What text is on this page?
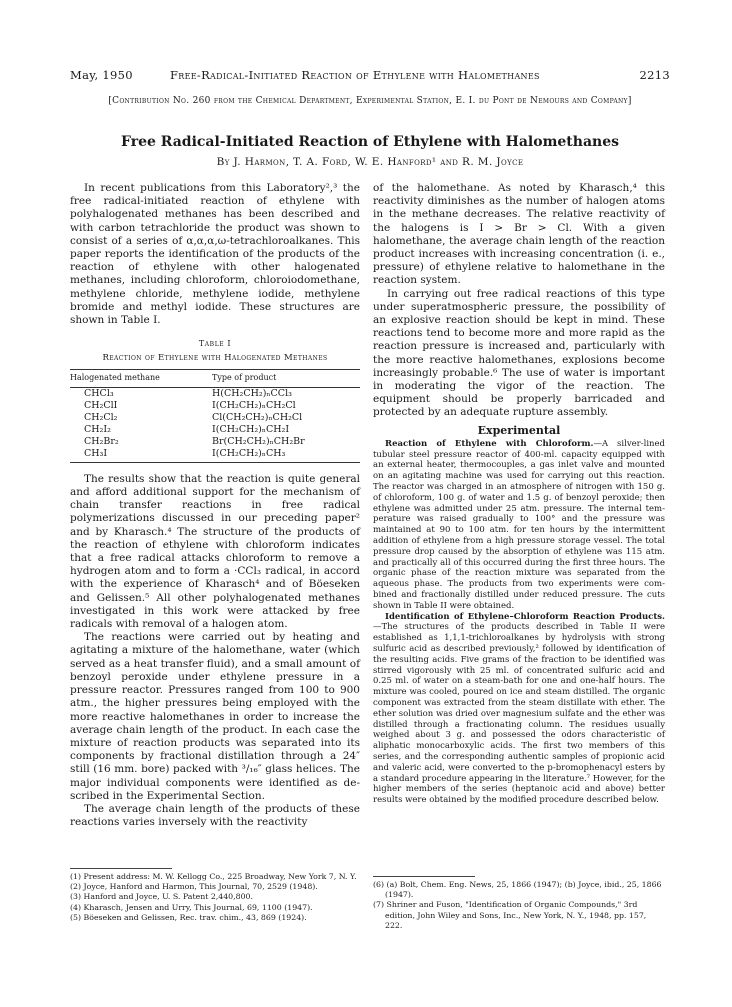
May, 1950	Free-Radical-Initiated Reaction of Ethylene with Halomethanes	2213
[Contribution No. 260 from the Chemical Department, Experimental Station, E. I. du Pont de Nemours and Company]
Free Radical-Initiated Reaction of Ethylene with Halomethanes
By J. Harmon, T. A. Ford, W. E. Hanford¹ and R. M. Joyce

In recent publications from this Laboratory²,³ the free radical-initiated reaction of ethylene with polyhalogenated methanes has been described and with carbon tetrachloride the product was shown to consist of a series of α,α,α,ω-tetrachloroalkanes. This paper reports the identification of the products of the reaction of ethylene with other halogenated methanes, including chloroform, chloroiodomethane, methylene chloride, methylene iodide, methylene bromide and methyl iodide. These structures are shown in Table I.

Table I
Reaction of Ethylene with Halogenated Methanes
Halogenated methane	Type of product
CHCl₃	H(CH₂CH₂)ₙCCl₃
CH₂ClI	I(CH₂CH₂)ₙCH₂Cl
CH₂Cl₂	Cl(CH₂CH₂)ₙCH₂Cl
CH₂I₂	I(CH₂CH₂)ₙCH₂I
CH₂Br₂	Br(CH₂CH₂)ₙCH₂Br
CH₃I	I(CH₂CH₂)ₙCH₃

The results show that the reaction is quite general and afford additional support for the mechanism of chain transfer reactions in free radical polymerizations discussed in our preceding paper² and by Kharasch.⁴ The structure of the products of the reaction of ethylene with chloroform indicates that a free radical attacks chloroform to remove a hydrogen atom and to form a ·CCl₃ radical, in accord with the experience of Kharasch⁴ and of Böeseken and Gelissen.⁵ All other polyhalogenated methanes investigated in this work were attacked by free radicals with removal of a halogen atom.

The reactions were carried out by heating and agitating a mixture of the halomethane, water (which served as a heat transfer fluid), and a small amount of benzoyl peroxide under ethylene pressure in a pressure reactor. Pressures ranged from 100 to 900 atm., the higher pressures being employed with the more reactive halomethanes in order to increase the average chain length of the product. In each case the mixture of reaction products was separated into its components by fractional distillation through a 24″ still (16 mm. bore) packed with ³/₁₆″ glass helices. The major individual components were identified as described in the Experimental Section.

The average chain length of the products of these reactions varies inversely with the reactivity

(1) Present address: M. W. Kellogg Co., 225 Broadway, New York 7, N. Y.
(2) Joyce, Hanford and Harmon, This Journal, 70, 2529 (1948).
(3) Hanford and Joyce, U. S. Patent 2,440,800.
(4) Kharasch, Jensen and Urry, This Journal, 69, 1100 (1947).
(5) Böeseken and Gelissen, Rec. trav. chim., 43, 869 (1924).

of the halomethane. As noted by Kharasch,⁴ this reactivity diminishes as the number of halogen atoms in the methane decreases. The relative reactivity of the halogens is I > Br > Cl. With a given halomethane, the average chain length of the reaction product increases with increasing concentration (i. e., pressure) of ethylene relative to halomethane in the reaction system.

In carrying out free radical reactions of this type under superatmospheric pressure, the possibility of an explosive reaction should be kept in mind. These reactions tend to become more and more rapid as the reaction pressure is increased and, particularly with the more reactive halomethanes, explosions become increasingly probable.⁶ The use of water is important in moderating the vigor of the reaction. The equipment should be properly barricaded and protected by an adequate rupture assembly.

Experimental

Reaction of Ethylene with Chloroform.—A silver-lined tubular steel pressure reactor of 400-ml. capacity equipped with an external heater, thermocouples, a gas inlet valve and mounted on an agitating machine was used for carrying out this reaction. The reactor was charged in an atmosphere of nitrogen with 150 g. of chloroform, 100 g. of water and 1.5 g. of benzoyl peroxide; then ethylene was admitted under 25 atm. pressure. The internal temperature was raised gradually to 100° and the pressure was maintained at 90 to 100 atm. for ten hours by the intermittent addition of ethylene from a high pressure storage vessel. The total pressure drop caused by the absorption of ethylene was 115 atm. and practically all of this occurred during the first three hours. The organic phase of the reaction mixture was separated from the aqueous phase. The products from two experiments were combined and fractionally distilled under reduced pressure. The cuts shown in Table II were obtained.

Identification of Ethylene–Chloroform Reaction Products.—The structures of the products described in Table II were established as 1,1,1-trichloroalkanes by hydrolysis with strong sulfuric acid as described previously,² followed by identification of the resulting acids. Five grams of the fraction to be identified was stirred vigorously with 25 ml. of concentrated sulfuric acid and 0.25 ml. of water on a steam-bath for one and one-half hours. The mixture was cooled, poured on ice and steam distilled. The organic component was extracted from the steam distillate with ether. The ether solution was dried over magnesium sulfate and the ether was distilled through a fractionating column. The residues usually weighed about 3 g. and possessed the odors characteristic of aliphatic monocarboxylic acids. The first two members of this series, and the corresponding authentic samples of propionic acid and valeric acid, were converted to the p-bromophenacyl esters by a standard procedure appearing in the literature.⁷ However, for the higher members of the series (heptanoic acid and above) better results were obtained by the modified procedure described below.

(6) (a) Bolt, Chem. Eng. News, 25, 1866 (1947); (b) Joyce, ibid., 25, 1866 (1947).
(7) Shriner and Fuson, "Identification of Organic Compounds," 3rd edition, John Wiley and Sons, Inc., New York, N. Y., 1948, pp. 157, 222.
